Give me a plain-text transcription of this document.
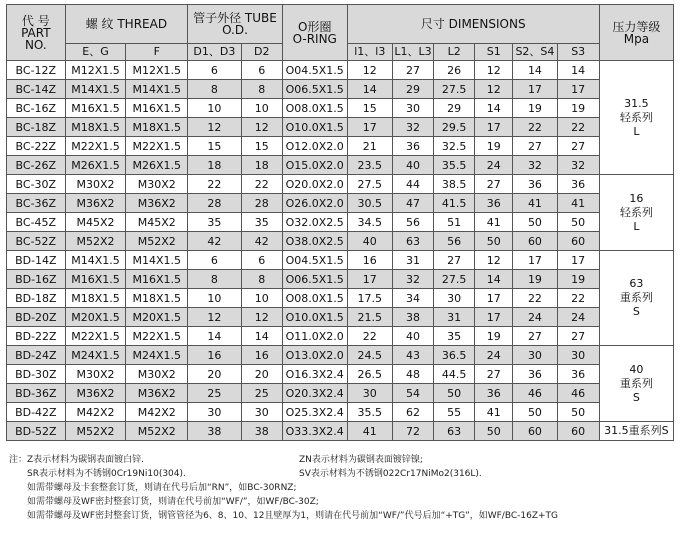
代 号
PART
NO.	螺 纹 THREAD		管子外径 TUBE
O.D.		O形圈
O-RING	尺寸 DIMENSIONS						压力等级
Mpa
	E、G	F	D1、D3	D2		l1、l3	L1、L3	L2	S1	S2、S4	S3	
BC-12Z	M12X1.5	M12X1.5	6	6	O04.5X1.5	12	27	26	12	14	14	31.5
轻系列
L
BC-14Z	M14X1.5	M14X1.5	8	8	O06.5X1.5	14	29	27.5	12	17	17	
BC-16Z	M16X1.5	M16X1.5	10	10	O08.0X1.5	15	30	29	14	19	19	
BC-18Z	M18X1.5	M18X1.5	12	12	O10.0X1.5	17	32	29.5	17	22	22	
BC-22Z	M22X1.5	M22X1.5	15	15	O12.0X2.0	21	36	32.5	19	27	27	
BC-26Z	M26X1.5	M26X1.5	18	18	O15.0X2.0	23.5	40	35.5	24	32	32	
BC-30Z	M30X2	M30X2	22	22	O20.0X2.0	27.5	44	38.5	27	36	36	16
轻系列
L
BC-36Z	M36X2	M36X2	28	28	O26.0X2.0	30.5	47	41.5	36	41	41	
BC-45Z	M45X2	M45X2	35	35	O32.0X2.5	34.5	56	51	41	50	50	
BC-52Z	M52X2	M52X2	42	42	O38.0X2.5	40	63	56	50	60	60	
BD-14Z	M14X1.5	M14X1.5	6	6	O04.5X1.5	16	31	27	12	17	17	63
重系列
S
BD-16Z	M16X1.5	M16X1.5	8	8	O06.5X1.5	17	32	27.5	14	19	19	
BD-18Z	M18X1.5	M18X1.5	10	10	O08.0X1.5	17.5	34	30	17	22	22	
BD-20Z	M20X1.5	M20X1.5	12	12	O10.0X1.5	21.5	38	31	17	24	24	
BD-22Z	M22X1.5	M22X1.5	14	14	O11.0X2.0	22	40	35	19	27	27	
BD-24Z	M24X1.5	M24X1.5	16	16	O13.0X2.0	24.5	43	36.5	24	30	30	40
重系列
S
BD-30Z	M30X2	M30X2	20	20	O16.3X2.4	26.5	48	44.5	27	36	36	
BD-36Z	M36X2	M36X2	25	25	O20.3X2.4	30	54	50	36	46	46	
BD-42Z	M42X2	M42X2	30	30	O25.3X2.4	35.5	62	55	41	50	50	
BD-52Z	M52X2	M52X2	38	38	O33.3X2.4	41	72	63	50	60	60	31.5重系列S
注：Z表示材料为碳钢表面镀白锌.	ZN表示材料为碳钢表面镀锌镍;
SR表示材料为不锈钢0Cr19Ni10(304).	SV表示材料为不锈钢022Cr17NiMo2(316L).
如需带螺母及卡套整套订货，则请在代号后加“RN”，如BC-30RNZ;
如需带螺母及WF密封整套订货，则请在代号前加“WF/”，如WF/BC-30Z;
如需带螺母及WF密封整套订货，钢管管径为6、8、10、12且壁厚为1，则请在代号前加“WF/”代号后加“+TG”，如WF/BC-16Z+TG
